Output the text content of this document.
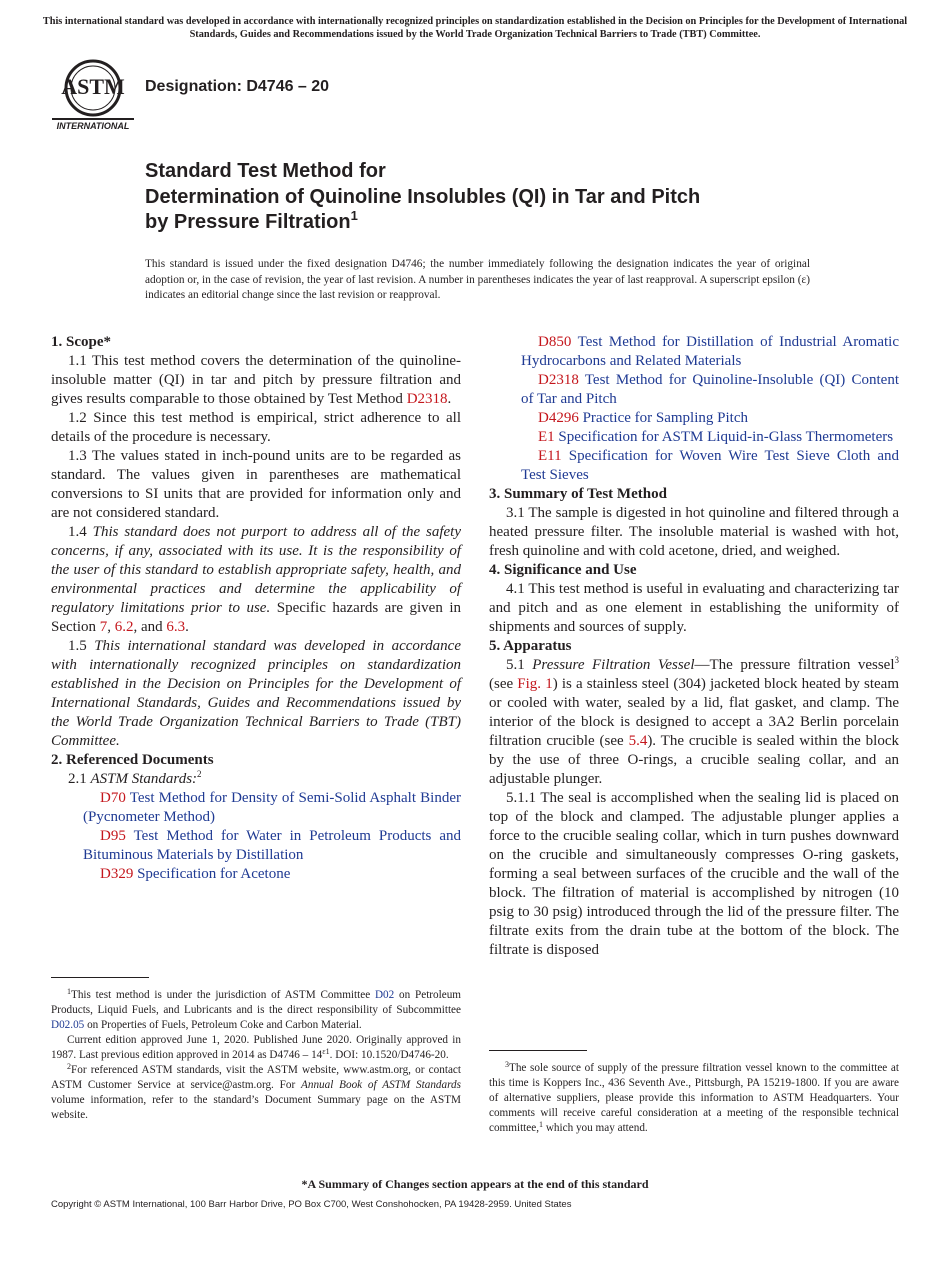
This international standard was developed in accordance with internationally recognized principles on standardization established in the Decision on Principles for the Development of International Standards, Guides and Recommendations issued by the World Trade Organization Technical Barriers to Trade (TBT) Committee.
ASTM
INTERNATIONAL
Designation: D4746 – 20
Standard Test Method for
Determination of Quinoline Insolubles (QI) in Tar and Pitch
by Pressure Filtration$^1$
This standard is issued under the fixed designation D4746; the number immediately following the designation indicates the year of original adoption or, in the case of revision, the year of last revision. A number in parentheses indicates the year of last reapproval. A superscript epsilon (ε) indicates an editorial change since the last revision or reapproval.
1. Scope*

1.1 This test method covers the determination of the quinoline-insoluble matter (QI) in tar and pitch by pressure filtration and gives results comparable to those obtained by Test Method D2318.

1.2 Since this test method is empirical, strict adherence to all details of the procedure is necessary.

1.3 The values stated in inch-pound units are to be regarded as standard. The values given in parentheses are mathematical conversions to SI units that are provided for information only and are not considered standard.

1.4 This standard does not purport to address all of the safety concerns, if any, associated with its use. It is the responsibility of the user of this standard to establish appropriate safety, health, and environmental practices and determine the applicability of regulatory limitations prior to use. Specific hazards are given in Section 7, 6.2, and 6.3.

1.5 This international standard was developed in accordance with internationally recognized principles on standardization established in the Decision on Principles for the Development of International Standards, Guides and Recommendations issued by the World Trade Organization Technical Barriers to Trade (TBT) Committee.

2. Referenced Documents

2.1 ASTM Standards:$^2$

D70 Test Method for Density of Semi-Solid Asphalt Binder (Pycnometer Method)

D95 Test Method for Water in Petroleum Products and Bituminous Materials by Distillation

D329 Specification for Acetone

$^1$This test method is under the jurisdiction of ASTM Committee D02 on Petroleum Products, Liquid Fuels, and Lubricants and is the direct responsibility of Subcommittee D02.05 on Properties of Fuels, Petroleum Coke and Carbon Material.

Current edition approved June 1, 2020. Published June 2020. Originally approved in 1987. Last previous edition approved in 2014 as $D4746 - 14^{\varepsilon 1}$. DOI: 10.1520/D4746-20.

$^2$For referenced ASTM standards, visit the ASTM website, www.astm.org, or contact ASTM Customer Service at service@astm.org. For Annual Book of ASTM Standards volume information, refer to the standard’s Document Summary page on the ASTM website.

D850 Test Method for Distillation of Industrial Aromatic Hydrocarbons and Related Materials

D2318 Test Method for Quinoline-Insoluble (QI) Content of Tar and Pitch

D4296 Practice for Sampling Pitch

E1 Specification for ASTM Liquid-in-Glass Thermometers

E11 Specification for Woven Wire Test Sieve Cloth and Test Sieves

3. Summary of Test Method

3.1 The sample is digested in hot quinoline and filtered through a heated pressure filter. The insoluble material is washed with hot, fresh quinoline and with cold acetone, dried, and weighed.

4. Significance and Use

4.1 This test method is useful in evaluating and characterizing tar and pitch and as one element in establishing the uniformity of shipments and sources of supply.

5. Apparatus

5.1 Pressure Filtration Vessel—The pressure filtration vessel$^3$ (see Fig. 1) is a stainless steel (304) jacketed block heated by steam or cooled with water, sealed by a lid, flat gasket, and clamp. The interior of the block is designed to accept a 3A2 Berlin porcelain filtration crucible (see 5.4). The crucible is sealed within the block by the use of three O-rings, a crucible sealing collar, and an adjustable plunger.

5.1.1 The seal is accomplished when the sealing lid is placed on top of the block and clamped. The adjustable plunger applies a force to the crucible sealing collar, which in turn pushes downward on the crucible and simultaneously compresses O-ring gaskets, forming a seal between surfaces of the crucible and the wall of the block. The filtration of material is accomplished by nitrogen (10 psig to 30 psig) introduced through the lid of the pressure filter. The filtrate exits from the drain tube at the bottom of the block. The filtrate is disposed

$^3$The sole source of supply of the pressure filtration vessel known to the committee at this time is Koppers Inc., 436 Seventh Ave., Pittsburgh, PA 15219-1800. If you are aware of alternative suppliers, please provide this information to ASTM Headquarters. Your comments will receive careful consideration at a meeting of the responsible technical committee,$^1$ which you may attend.

*A Summary of Changes section appears at the end of this standard
Copyright © ASTM International, 100 Barr Harbor Drive, PO Box C700, West Conshohocken, PA 19428-2959. United States
